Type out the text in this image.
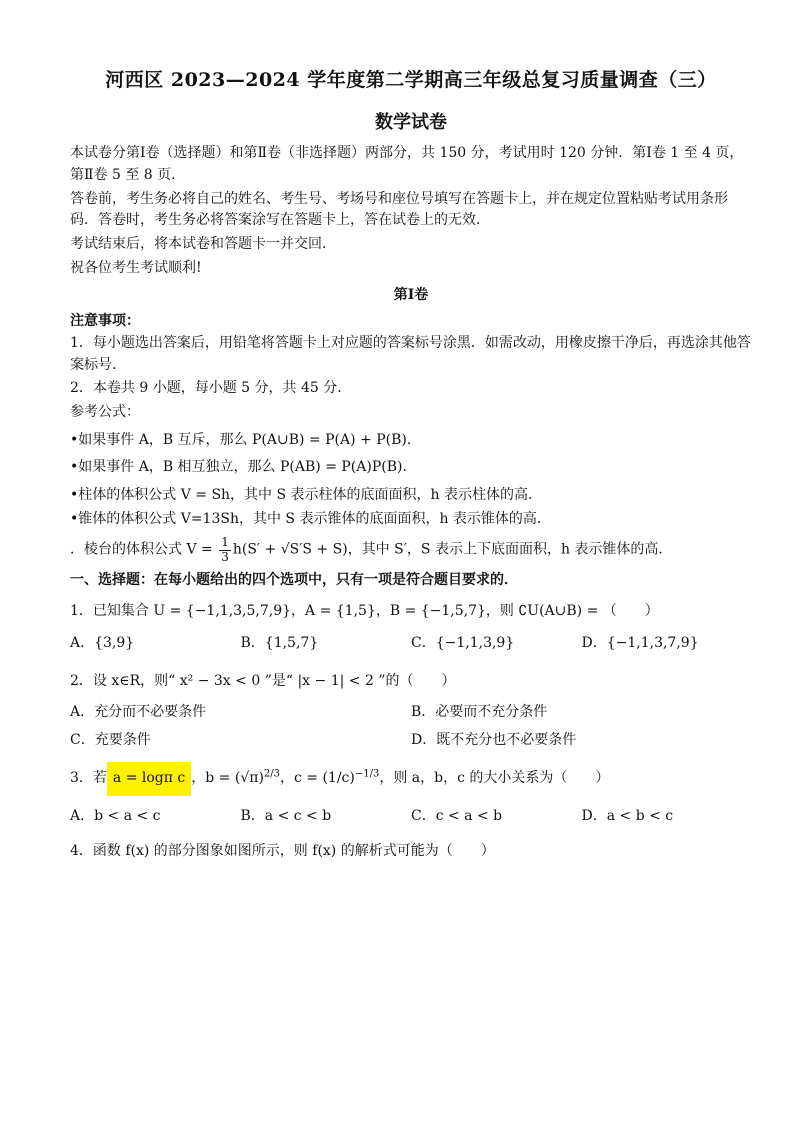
河西区 2023—2024 学年度第二学期高三年级总复习质量调查（三）

数学试卷

本试卷分第Ⅰ卷（选择题）和第Ⅱ卷（非选择题）两部分，共 150 分，考试用时 120 分钟．第Ⅰ卷 1 至 4 页，第Ⅱ卷 5 至 8 页．

答卷前，考生务必将自己的姓名、考生号、考场号和座位号填写在答题卡上，并在规定位置粘贴考试用条形码．答卷时，考生务必将答案涂写在答题卡上，答在试卷上的无效．

考试结束后，将本试卷和答题卡一并交回．

祝各位考生考试顺利!

第Ⅰ卷

注意事项：

1．每小题选出答案后，用铅笔将答题卡上对应题的答案标号涂黑．如需改动，用橡皮擦干净后，再选涂其他答案标号．

2．本卷共 9 小题，每小题 5 分，共 45 分．

参考公式：

•如果事件 A，B 互斥，那么 P(A∪B) = P(A) + P(B)．

•如果事件 A，B 相互独立，那么 P(AB) = P(A)P(B)．

•柱体的体积公式 V = Sh，其中 S 表示柱体的底面面积，h 表示柱体的高．

•锥体的体积公式 V=13Sh，其中 S 表示锥体的底面面积，h 表示锥体的高．

．棱台的体积公式 $V = \frac{1}{3} h(S' + √S'S + S)$，其中 S′，S 表示上下底面面积，h 表示锥体的高．

一、选择题：在每小题给出的四个选项中，只有一项是符合题目要求的．

1．已知集合 U = {−1,1,3,5,7,9}，A = {1,5}，B = {−1,5,7}，则 ∁U(A∪B) = （　　）

A．{3,9}	B．{1,5,7}	C．{−1,1,3,9}	D．{−1,1,3,7,9}

2．设 x∈R，则“ x² − 3x < 0 ”是“ |x − 1| < 2 ”的（　　）

A．充分而不必要条件	B．必要而不充分条件
C．充要条件	D．既不充分也不必要条件

3．若 a = logπ c ，$b = (√\pi)^{2/3}$，$c = (1/c)^{-1/3}$，则 a，b，c 的大小关系为（　　）

A．b < a < c	B．a < c < b	C．c < a < b	D．a < b < c

4．函数 f(x) 的部分图象如图所示，则 f(x) 的解析式可能为（　　）
